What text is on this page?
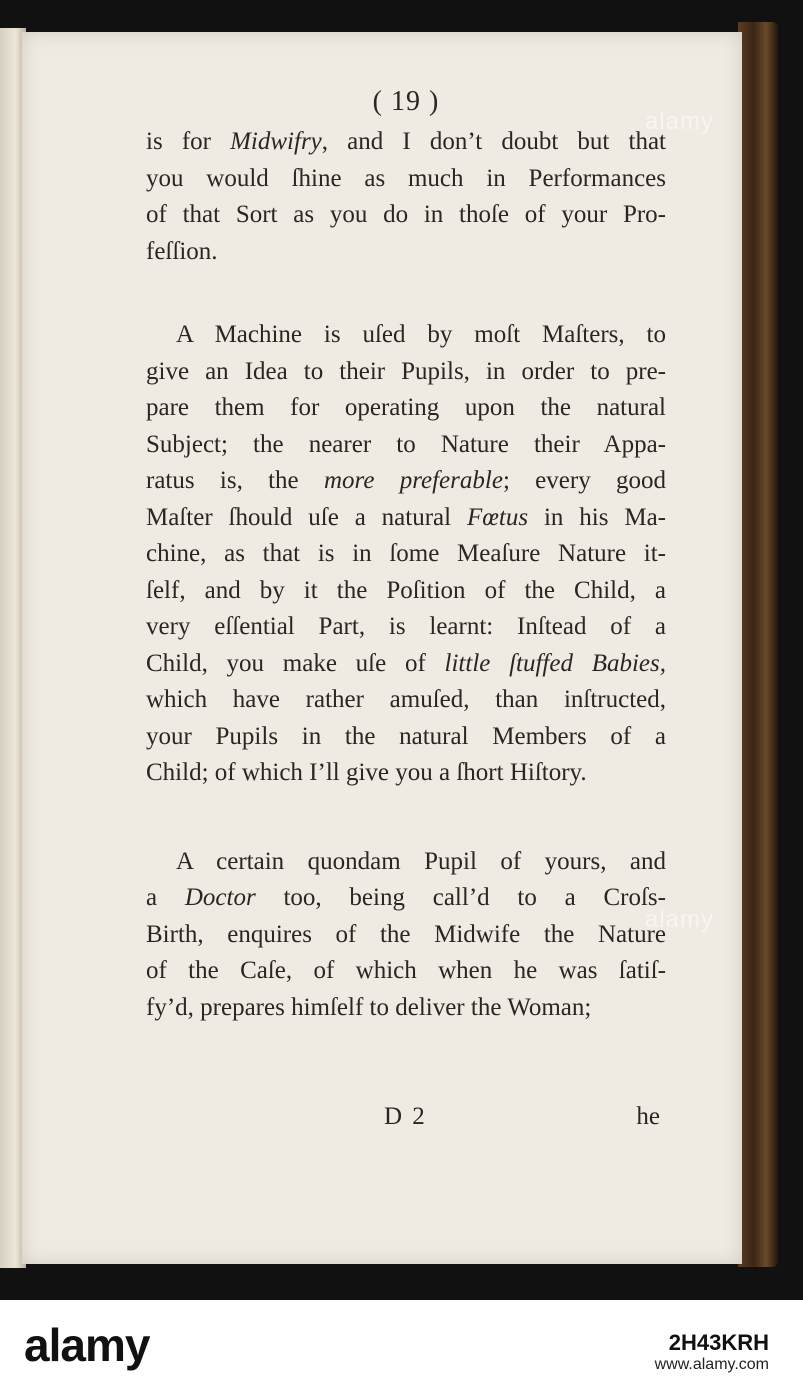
( 19 )
is for Midwifry, and I don’t doubt but that
you would ſhine as much in Performances
of that Sort as you do in thoſe of your Pro-
feſſion.
A Machine is uſed by moſt Maſters, to
give an Idea to their Pupils, in order to pre-
pare them for operating upon the natural
Subject; the nearer to Nature their Appa-
ratus is, the more preferable; every good
Maſter ſhould uſe a natural Fœtus in his Ma-
chine, as that is in ſome Meaſure Nature it-
ſelf, and by it the Poſition of the Child, a
very eſſential Part, is learnt: Inſtead of a
Child, you make uſe of little ſtuffed Babies,
which have rather amuſed, than inſtructed,
your Pupils in the natural Members of a
Child; of which I’ll give you a ſhort Hiſtory.
A certain quondam Pupil of yours, and
a Doctor too, being call’d to a Croſs-
Birth, enquires of the Midwife the Nature
of the Caſe, of which when he was ſatiſ-
fy’d, prepares himſelf to deliver the Woman;
D 2	he
alamy
alamy
alamy	2H43KRH
www.alamy.com
